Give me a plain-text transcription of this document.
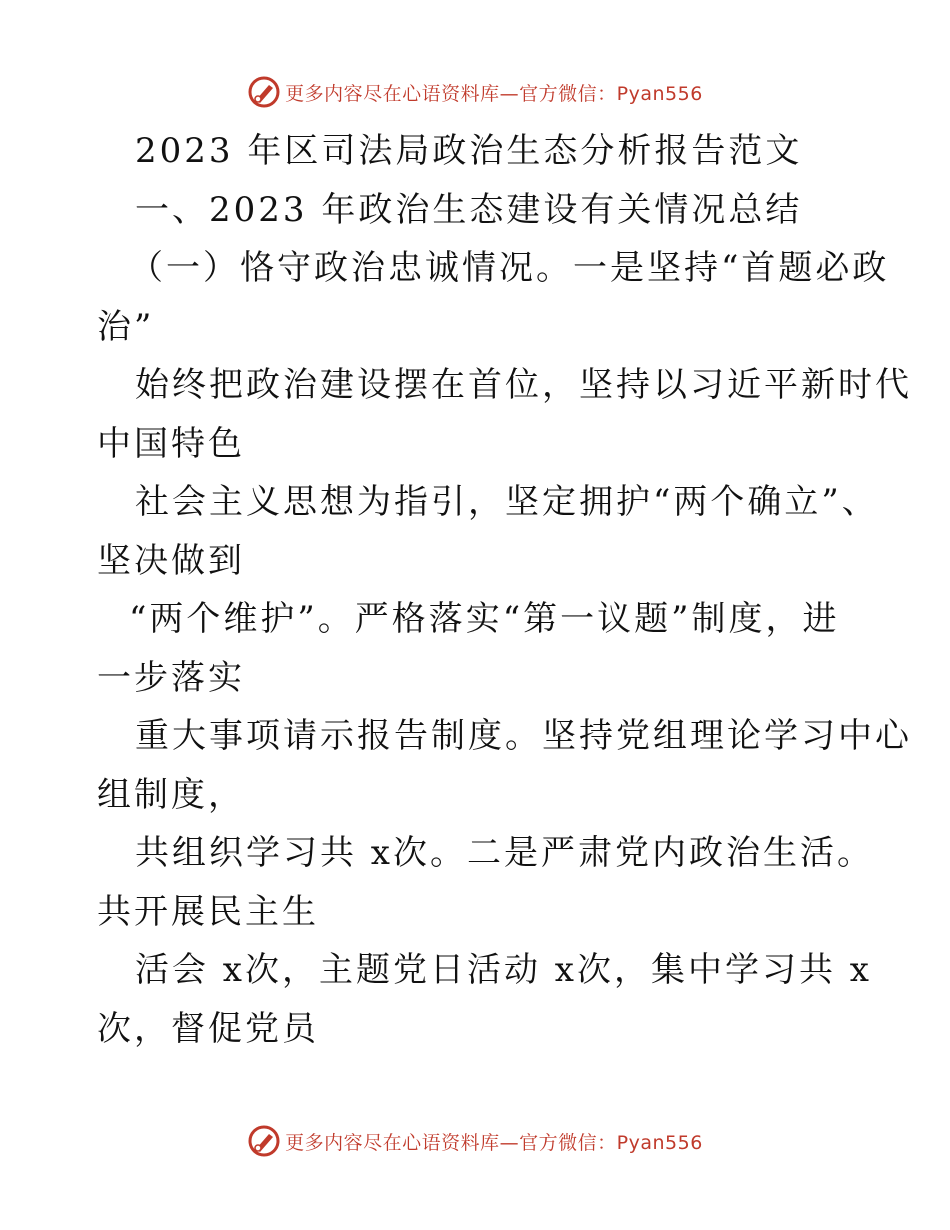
更多内容尽在心语资料库—官方微信：Pyan556
2023 年区司法局政治生态分析报告范文
一、2023 年政治生态建设有关情况总结
（一）恪守政治忠诚情况。一是坚持“首题必政
治”
始终把政治建设摆在首位，坚持以习近平新时代
中国特色
社会主义思想为指引，坚定拥护“两个确立”、
坚决做到
“两个维护”。严格落实“第一议题”制度，进
一步落实
重大事项请示报告制度。坚持党组理论学习中心
组制度，
共组织学习共 x次。二是严肃党内政治生活。
共开展民主生
活会 x次，主题党日活动 x次，集中学习共 x
次，督促党员
更多内容尽在心语资料库—官方微信：Pyan556
